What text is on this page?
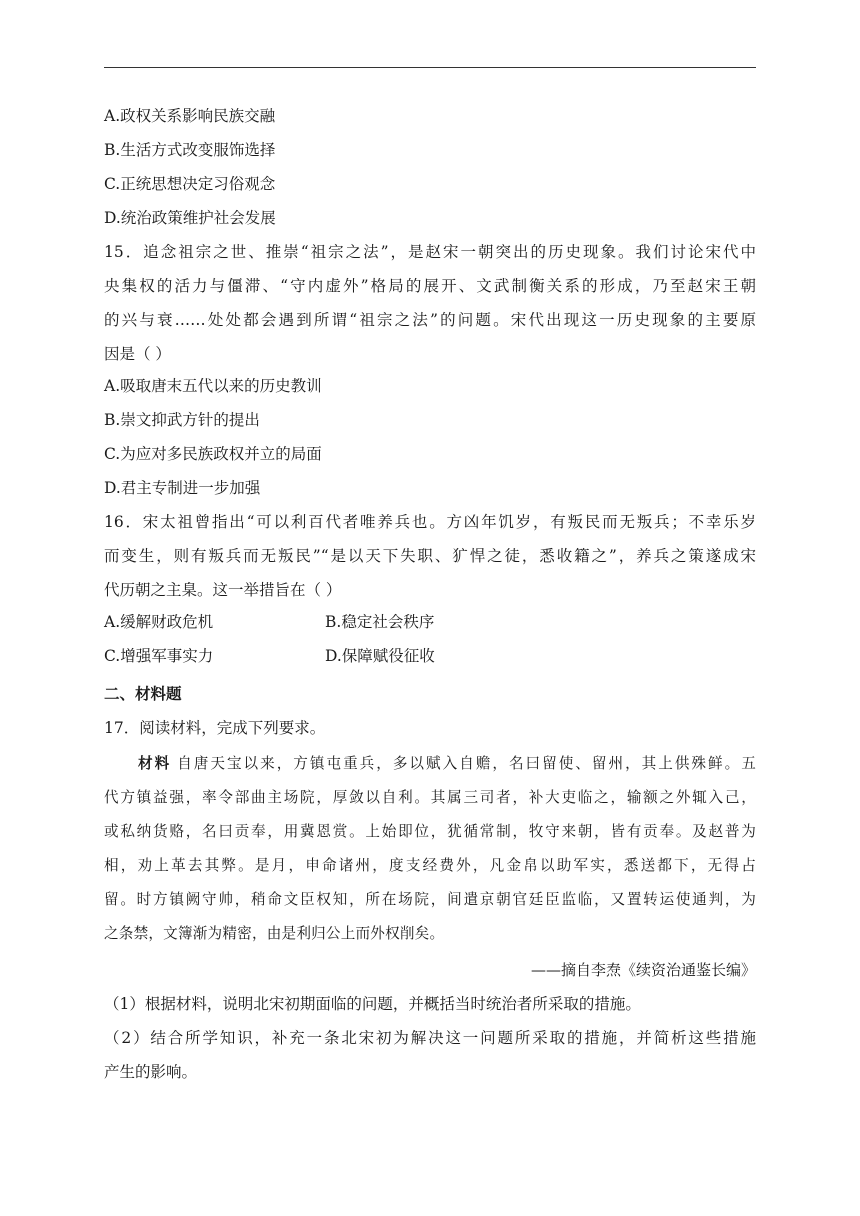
A.政权关系影响民族交融
B.生活方式改变服饰选择
C.正统思想决定习俗观念
D.统治政策维护社会发展
15．追念祖宗之世、推崇“祖宗之法”，是赵宋一朝突出的历史现象。我们讨论宋代中
央集权的活力与僵滞、“守内虚外”格局的展开、文武制衡关系的形成，乃至赵宋王朝
的兴与衰……处处都会遇到所谓“祖宗之法”的问题。宋代出现这一历史现象的主要原
因是（ ）
A.吸取唐末五代以来的历史教训
B.崇文抑武方针的提出
C.为应对多民族政权并立的局面
D.君主专制进一步加强
16．宋太祖曾指出“可以利百代者唯养兵也。方凶年饥岁，有叛民而无叛兵；不幸乐岁
而变生，则有叛兵而无叛民”“是以天下失职、犷悍之徒，悉收籍之”，养兵之策遂成宋
代历朝之主臬。这一举措旨在（ ）
A.缓解财政危机	B.稳定社会秩序
C.增强军事实力	D.保障赋役征收
二、材料题
17．阅读材料，完成下列要求。
材料 自唐天宝以来，方镇屯重兵，多以赋入自赡，名曰留使、留州，其上供殊鲜。五
代方镇益强，率令部曲主场院，厚敛以自利。其属三司者，补大吏临之，输额之外辄入己，
或私纳货赂，名曰贡奉，用冀恩赏。上始即位，犹循常制，牧守来朝，皆有贡奉。及赵普为
相，劝上革去其弊。是月，申命诸州，度支经费外，凡金帛以助军实，悉送都下，无得占
留。时方镇阙守帅，稍命文臣权知，所在场院，间遣京朝官廷臣监临，又置转运使通判，为
之条禁，文簿渐为精密，由是利归公上而外权削矣。
——摘自李焘《续资治通鉴长编》
（1）根据材料，说明北宋初期面临的问题，并概括当时统治者所采取的措施。
（2）结合所学知识，补充一条北宋初为解决这一问题所采取的措施，并简析这些措施
产生的影响。
